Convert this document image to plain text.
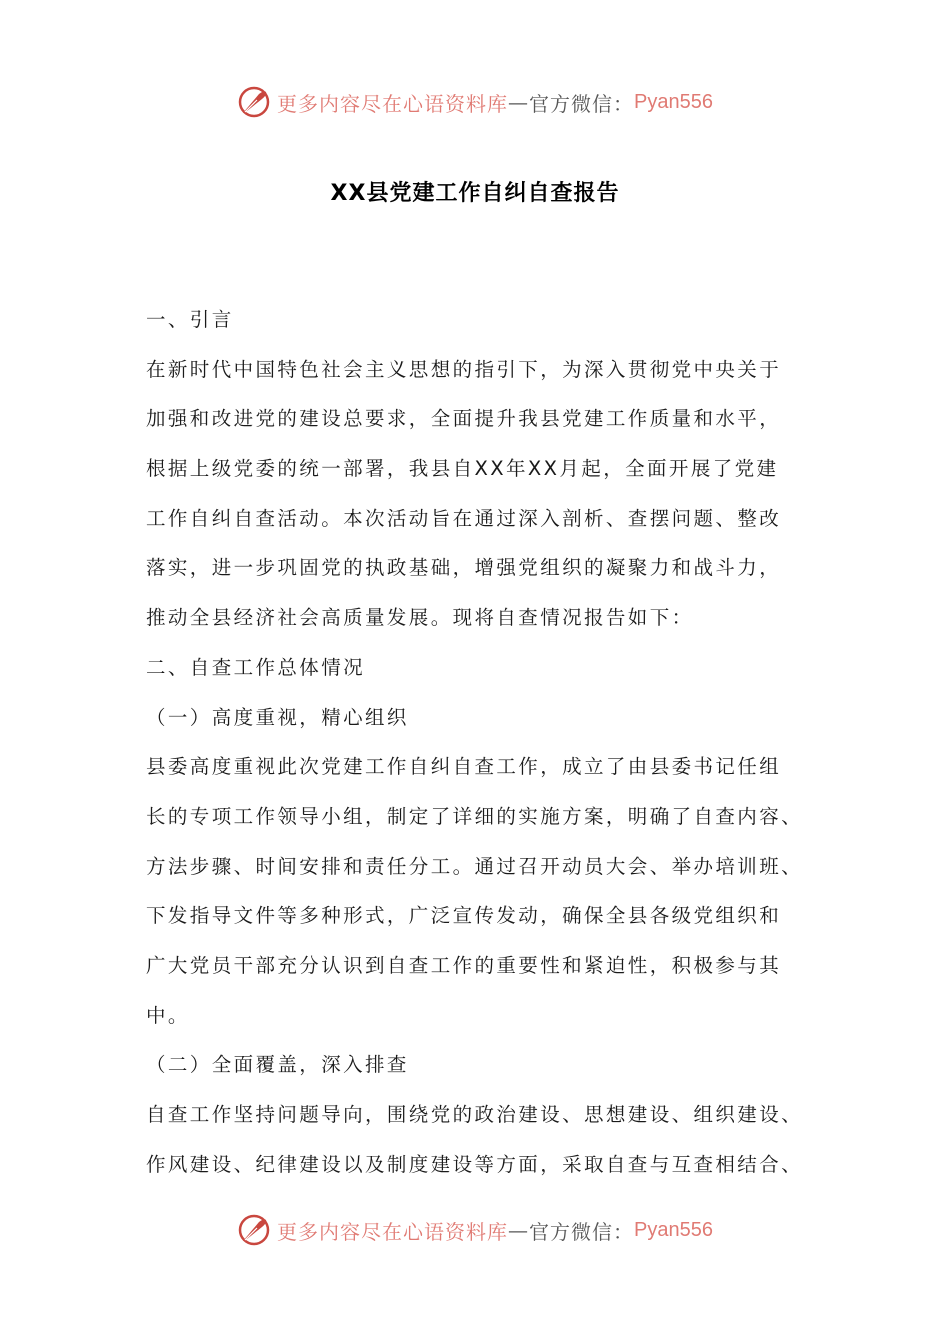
更多内容尽在心语资料库 — 官方微信： Pyan556
XX县党建工作自纠自查报告
一、引言
在新时代中国特色社会主义思想的指引下，为深入贯彻党中央关于
加强和改进党的建设总要求，全面提升我县党建工作质量和水平，
根据上级党委的统一部署，我县自XX年XX月起，全面开展了党建
工作自纠自查活动。本次活动旨在通过深入剖析、查摆问题、整改
落实，进一步巩固党的执政基础，增强党组织的凝聚力和战斗力，
推动全县经济社会高质量发展。现将自查情况报告如下：
二、自查工作总体情况
（一）高度重视，精心组织
县委高度重视此次党建工作自纠自查工作，成立了由县委书记任组
长的专项工作领导小组，制定了详细的实施方案，明确了自查内容、
方法步骤、时间安排和责任分工。通过召开动员大会、举办培训班、
下发指导文件等多种形式，广泛宣传发动，确保全县各级党组织和
广大党员干部充分认识到自查工作的重要性和紧迫性，积极参与其
中。
（二）全面覆盖，深入排查
自查工作坚持问题导向，围绕党的政治建设、思想建设、组织建设、
作风建设、纪律建设以及制度建设等方面，采取自查与互查相结合、
更多内容尽在心语资料库 — 官方微信： Pyan556
